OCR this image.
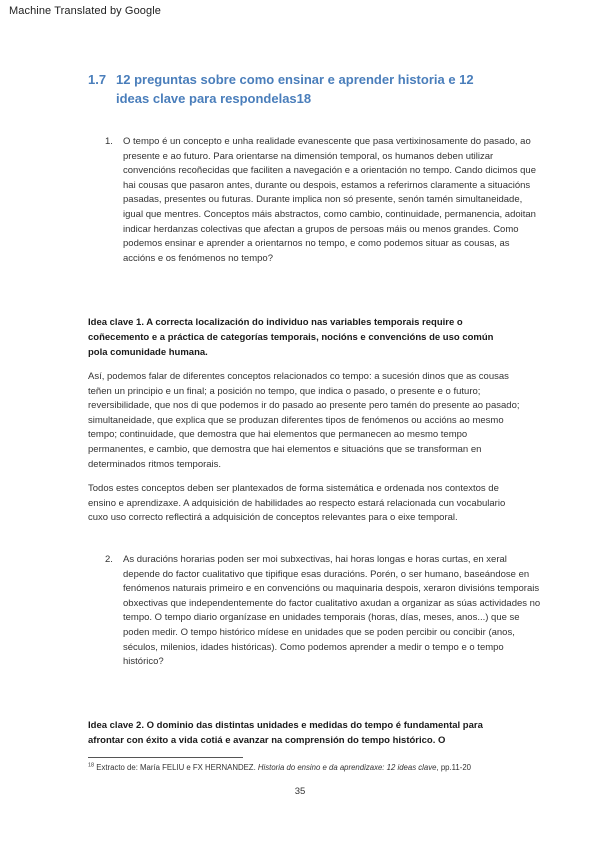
Machine Translated by Google
1.7 12 preguntas sobre como ensinar e aprender historia e 12
ideas clave para respondelas18
1. O tempo é un concepto e unha realidade evanescente que pasa vertixinosamente do pasado, ao presente e ao futuro. Para orientarse na dimensión temporal, os humanos deben utilizar convencións recoñecidas que faciliten a navegación e a orientación no tempo. Cando dicimos que hai cousas que pasaron antes, durante ou despois, estamos a referirnos claramente a situacións pasadas, presentes ou futuras. Durante implica non só presente, senón tamén simultaneidade, igual que mentres. Conceptos máis abstractos, como cambio, continuidade, permanencia, adoitan indicar herdanzas colectivas que afectan a grupos de persoas máis ou menos grandes. Como podemos ensinar e aprender a orientarnos no tempo, e como podemos situar as cousas, as accións e os fenómenos no tempo?
Idea clave 1. A correcta localización do individuo nas variables temporais require o coñecemento e a práctica de categorías temporais, nocións e convencións de uso común pola comunidade humana.
Así, podemos falar de diferentes conceptos relacionados co tempo: a sucesión dinos que as cousas teñen un principio e un final; a posición no tempo, que indica o pasado, o presente e o futuro; reversibilidade, que nos di que podemos ir do pasado ao presente pero tamén do presente ao pasado; simultaneidade, que explica que se produzan diferentes tipos de fenómenos ou accións ao mesmo tempo; continuidade, que demostra que hai elementos que permanecen ao mesmo tempo permanentes, e cambio, que demostra que hai elementos e situacións que se transforman en determinados ritmos temporais.
Todos estes conceptos deben ser plantexados de forma sistemática e ordenada nos contextos de ensino e aprendizaxe. A adquisición de habilidades ao respecto estará relacionada cun vocabulario cuxo uso correcto reflectirá a adquisición de conceptos relevantes para o eixe temporal.
2. As duracións horarias poden ser moi subxectivas, hai horas longas e horas curtas, en xeral depende do factor cualitativo que tipifique esas duracións. Porén, o ser humano, baseándose en fenómenos naturais primeiro e en convencións ou maquinaria despois, xeraron divisións temporais obxectivas que independentemente do factor cualitativo axudan a organizar as súas actividades no tempo. O tempo diario organízase en unidades temporais (horas, días, meses, anos...) que se poden medir. O tempo histórico mídese en unidades que se poden percibir ou concibir (anos, séculos, milenios, idades históricas). Como podemos aprender a medir o tempo e o tempo histórico?
Idea clave 2. O dominio das distintas unidades e medidas do tempo é fundamental para afrontar con éxito a vida cotiá e avanzar na comprensión do tempo histórico. O
$^{18}$ Extracto de: María FELIU e FX HERNANDEZ. Historia do ensino e da aprendizaxe: 12 ideas clave, pp.11-20
35
